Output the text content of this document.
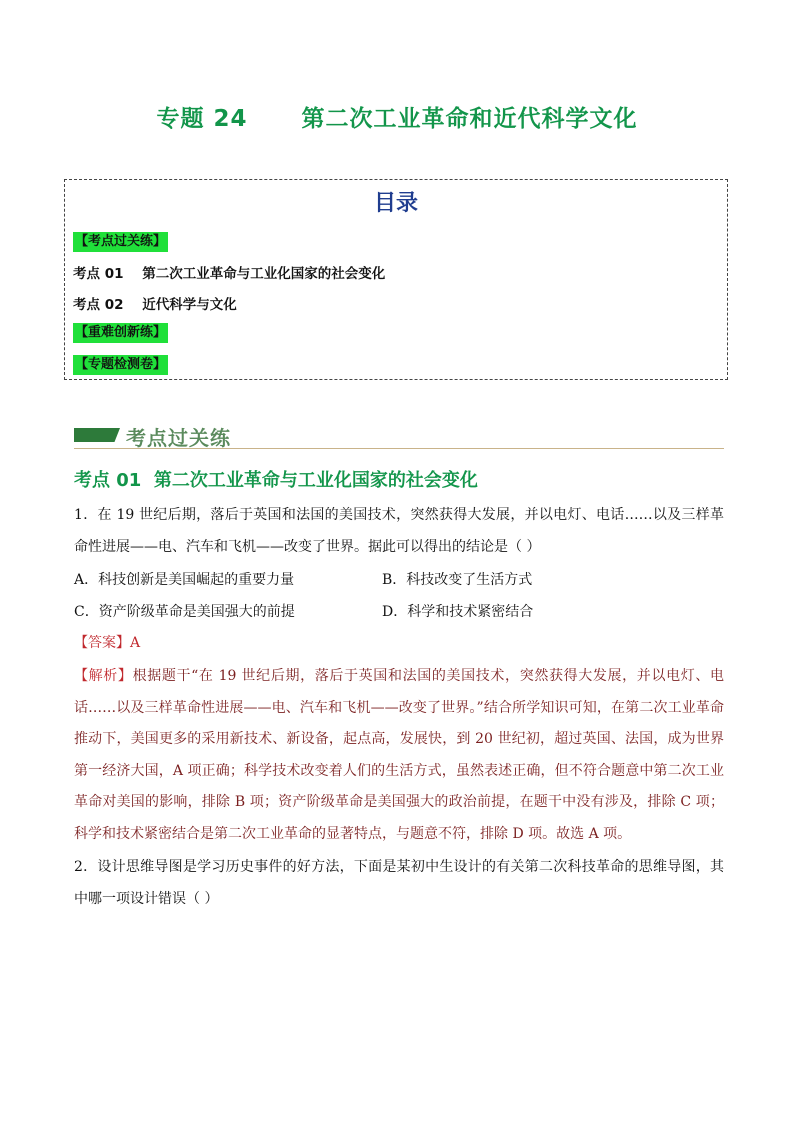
专题 24      第二次工业革命和近代科学文化
目录
【考点过关练】
考点 01    第二次工业革命与工业化国家的社会变化
考点 02    近代科学与文化
【重难创新练】
【专题检测卷】
考点过关练
考点 01  第二次工业革命与工业化国家的社会变化

1．在 19 世纪后期，落后于英国和法国的美国技术，突然获得大发展，并以电灯、电话……以及三样革命性进展——电、汽车和飞机——改变了世界。据此可以得出的结论是（ ）

A．科技创新是美国崛起的重要力量	B．科技改变了生活方式
C．资产阶级革命是美国强大的前提	D．科学和技术紧密结合
【答案】A

【解析】根据题干“在 19 世纪后期，落后于英国和法国的美国技术，突然获得大发展，并以电灯、电话……以及三样革命性进展——电、汽车和飞机——改变了世界。”结合所学知识可知，在第二次工业革命推动下，美国更多的采用新技术、新设备，起点高，发展快，到 20 世纪初，超过英国、法国，成为世界第一经济大国，A 项正确；科学技术改变着人们的生活方式，虽然表述正确，但不符合题意中第二次工业革命对美国的影响，排除 B 项；资产阶级革命是美国强大的政治前提，在题干中没有涉及，排除 C 项；科学和技术紧密结合是第二次工业革命的显著特点，与题意不符，排除 D 项。故选 A 项。

2．设计思维导图是学习历史事件的好方法，下面是某初中生设计的有关第二次科技革命的思维导图，其中哪一项设计错误（ ）
